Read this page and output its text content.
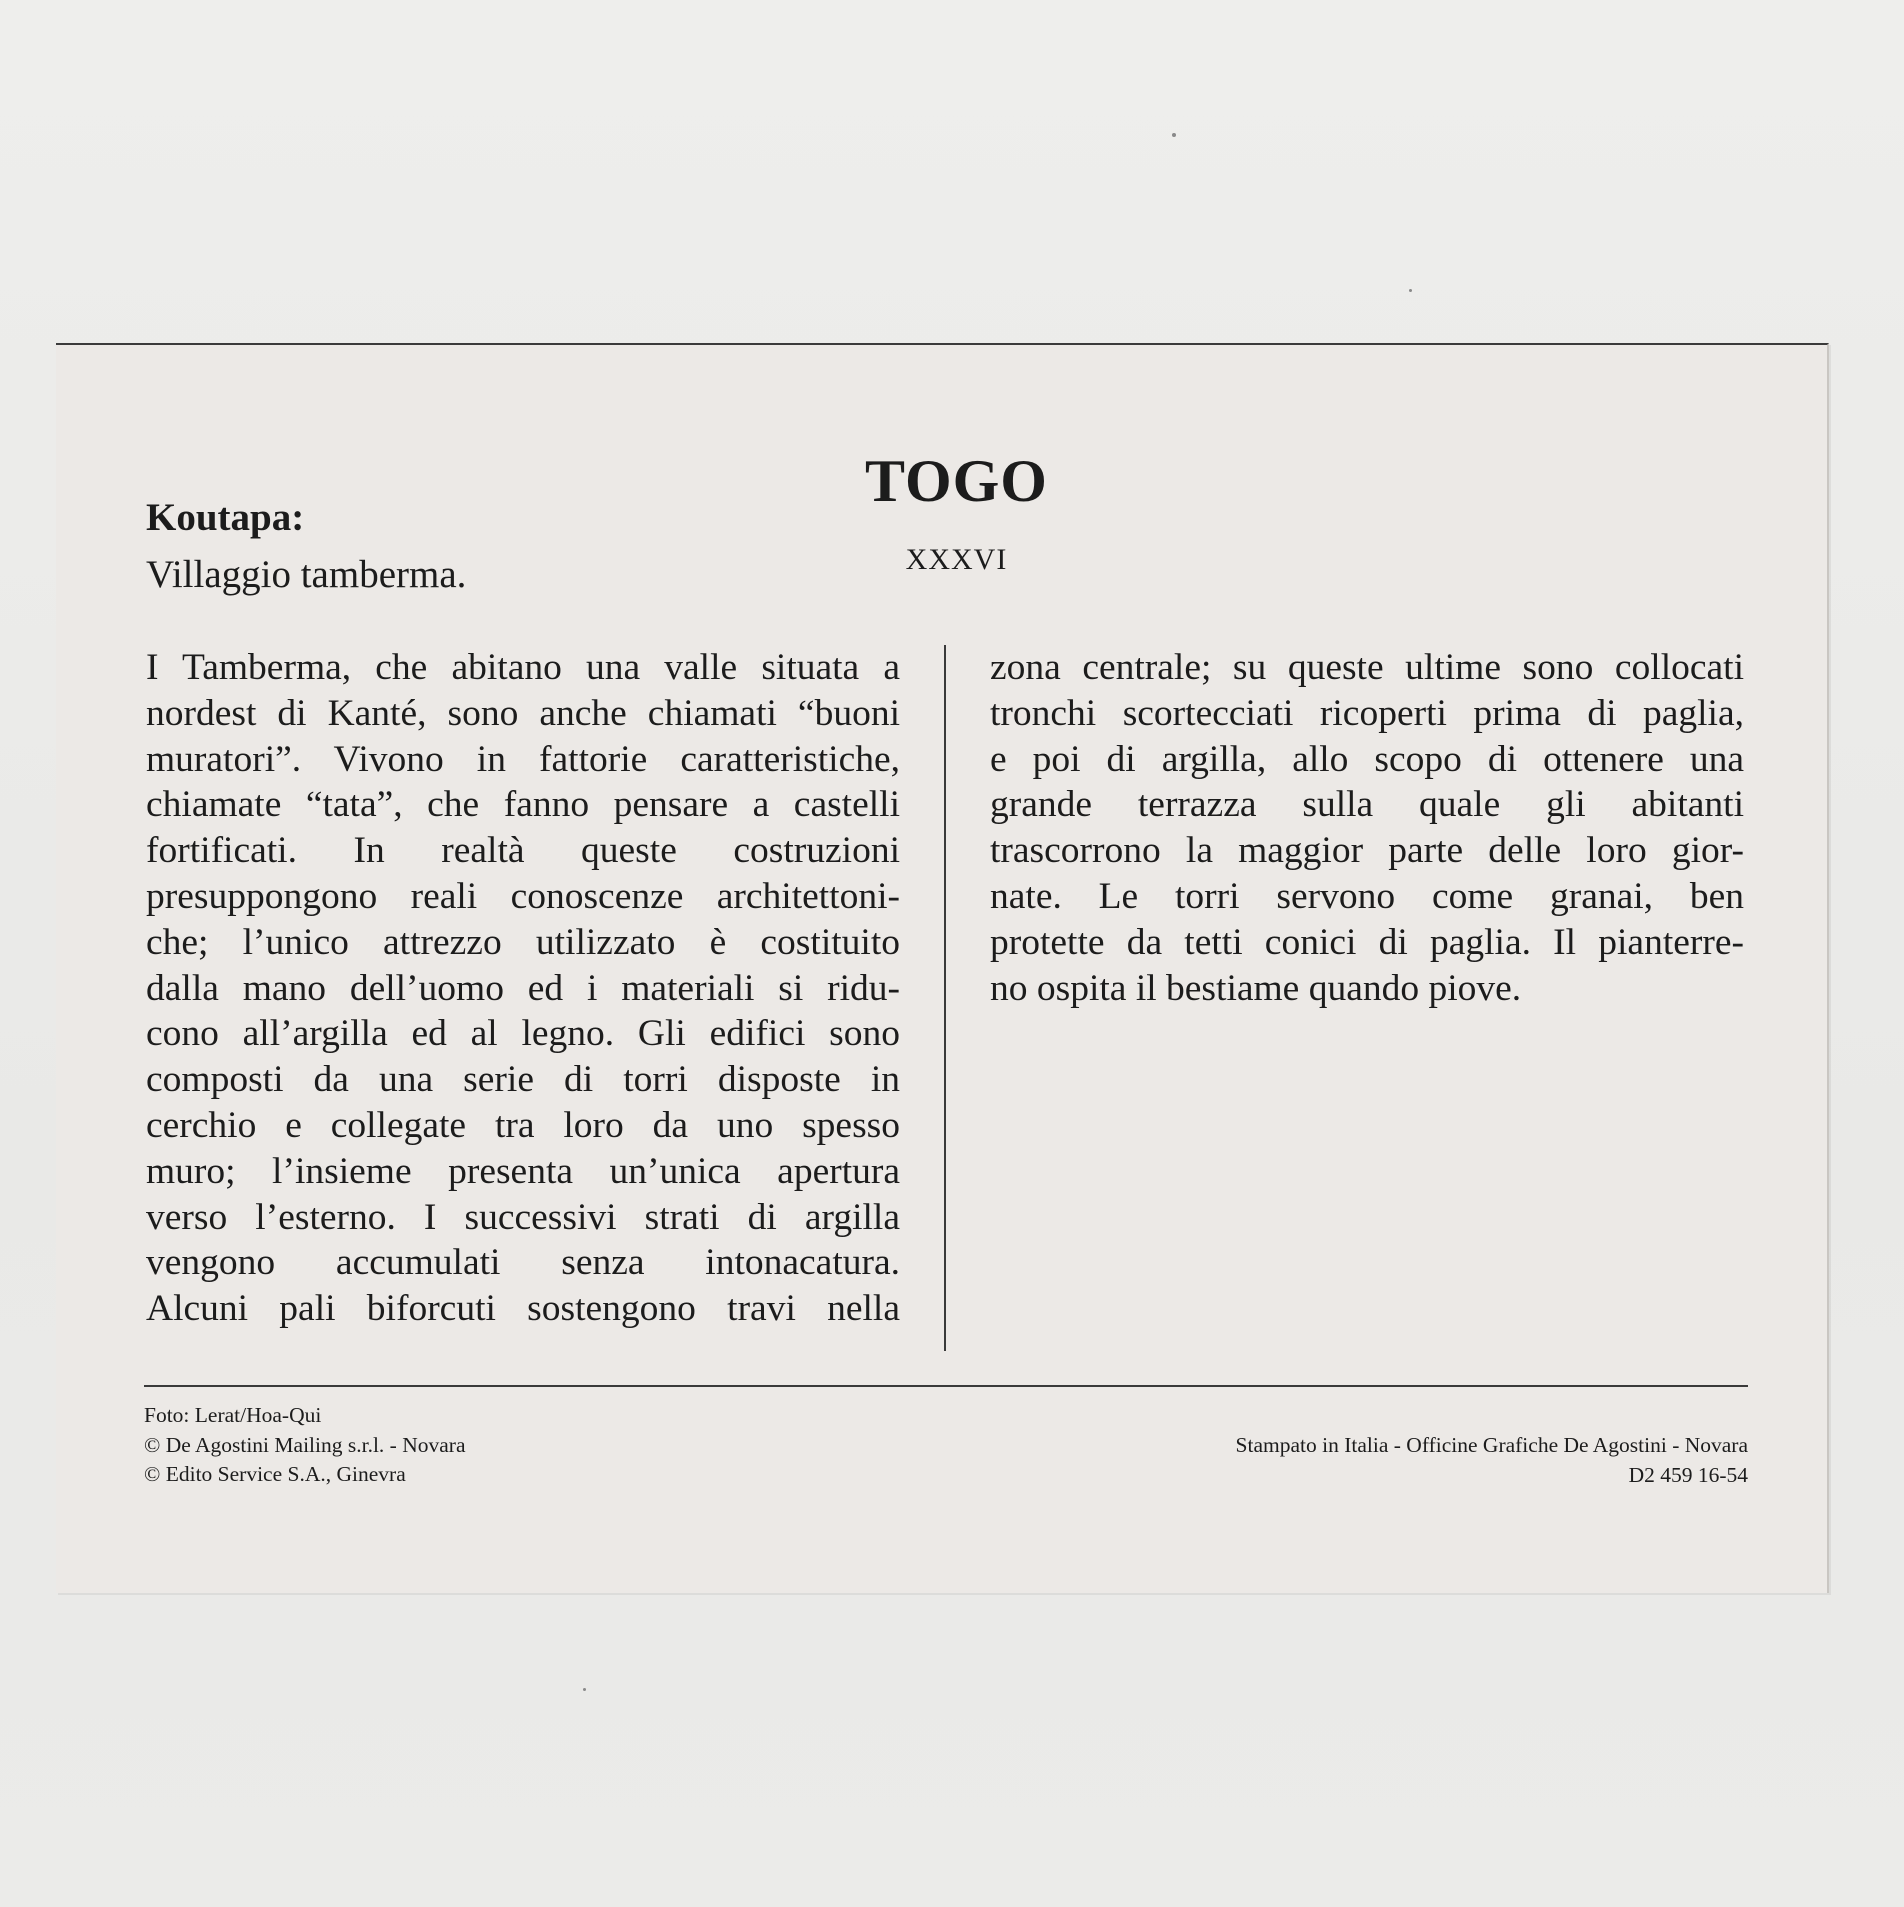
TOGO
XXXVI
Koutapa:
Villaggio tamberma.
I Tamberma, che abitano una valle situata a
nordest di Kanté, sono anche chiamati “buoni
muratori”. Vivono in fattorie caratteristiche,
chiamate “tata”, che fanno pensare a castelli
fortificati. In realtà queste costruzioni
presuppongono reali conoscenze architettoni-
che; l’unico attrezzo utilizzato è costituito
dalla mano dell’uomo ed i materiali si ridu-
cono all’argilla ed al legno. Gli edifici sono
composti da una serie di torri disposte in
cerchio e collegate tra loro da uno spesso
muro; l’insieme presenta un’unica apertura
verso l’esterno. I successivi strati di argilla
vengono accumulati senza intonacatura.
Alcuni pali biforcuti sostengono travi nella
zona centrale; su queste ultime sono collocati
tronchi scortecciati ricoperti prima di paglia,
e poi di argilla, allo scopo di ottenere una
grande terrazza sulla quale gli abitanti
trascorrono la maggior parte delle loro gior-
nate. Le torri servono come granai, ben
protette da tetti conici di paglia. Il pianterre-
no ospita il bestiame quando piove.
Foto: Lerat/Hoa-Qui
© De Agostini Mailing s.r.l. - Novara
© Edito Service S.A., Ginevra
Stampato in Italia - Officine Grafiche De Agostini - Novara
D2 459 16-54
